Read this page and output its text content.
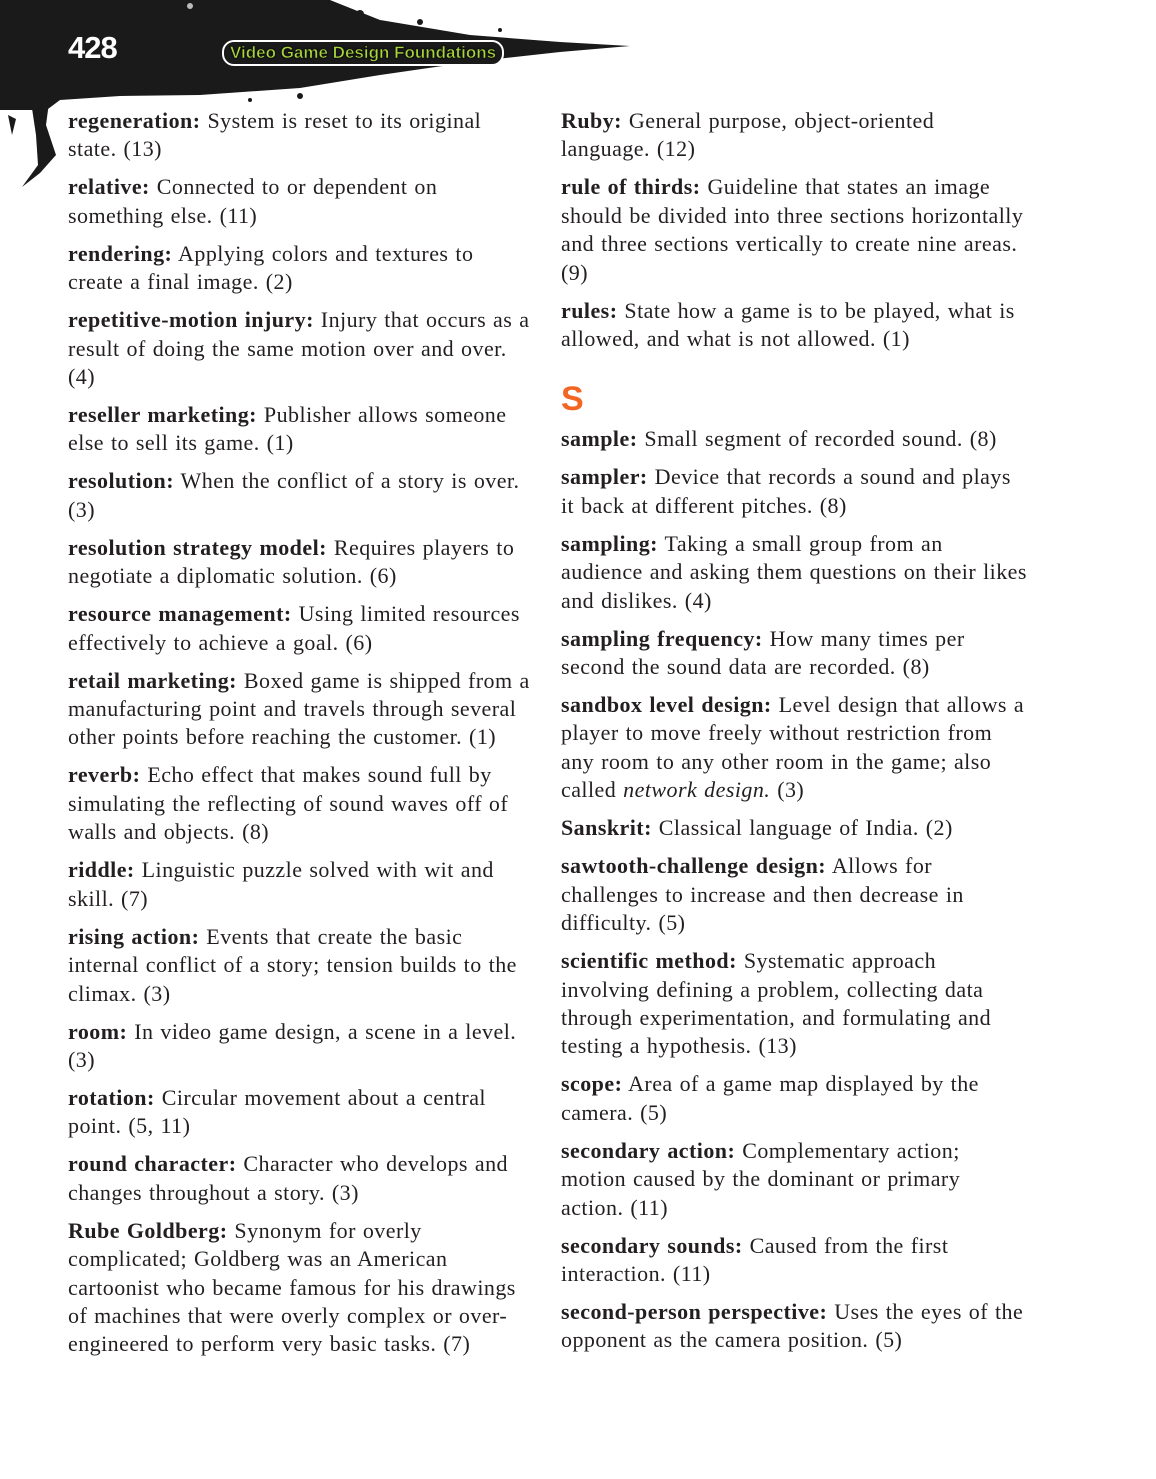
428	Video Game Design Foundations

regeneration: System is reset to its original state. (13)

relative: Connected to or dependent on something else. (11)

rendering: Applying colors and textures to create a final image. (2)

repetitive-motion injury: Injury that occurs as a result of doing the same motion over and over. (4)

reseller marketing: Publisher allows someone else to sell its game. (1)

resolution: When the conflict of a story is over. (3)

resolution strategy model: Requires players to negotiate a diplomatic solution. (6)

resource management: Using limited resources effectively to achieve a goal. (6)

retail marketing: Boxed game is shipped from a manufacturing point and travels through several other points before reaching the customer. (1)

reverb: Echo effect that makes sound full by simulating the reflecting of sound waves off of walls and objects. (8)

riddle: Linguistic puzzle solved with wit and skill. (7)

rising action: Events that create the basic internal conflict of a story; tension builds to the climax. (3)

room: In video game design, a scene in a level. (3)

rotation: Circular movement about a central point. (5, 11)

round character: Character who develops and changes throughout a story. (3)

Rube Goldberg: Synonym for overly complicated; Goldberg was an American cartoonist who became famous for his drawings of machines that were overly complex or over-engineered to perform very basic tasks. (7)

Ruby: General purpose, object-oriented language. (12)

rule of thirds: Guideline that states an image should be divided into three sections horizontally and three sections vertically to create nine areas. (9)

rules: State how a game is to be played, what is allowed, and what is not allowed. (1)

S

sample: Small segment of recorded sound. (8)

sampler: Device that records a sound and plays it back at different pitches. (8)

sampling: Taking a small group from an audience and asking them questions on their likes and dislikes. (4)

sampling frequency: How many times per second the sound data are recorded. (8)

sandbox level design: Level design that allows a player to move freely without restriction from any room to any other room in the game; also called network design. (3)

Sanskrit: Classical language of India. (2)

sawtooth-challenge design: Allows for challenges to increase and then decrease in difficulty. (5)

scientific method: Systematic approach involving defining a problem, collecting data through experimentation, and formulating and testing a hypothesis. (13)

scope: Area of a game map displayed by the camera. (5)

secondary action: Complementary action; motion caused by the dominant or primary action. (11)

secondary sounds: Caused from the first interaction. (11)

second-person perspective: Uses the eyes of the opponent as the camera position. (5)
